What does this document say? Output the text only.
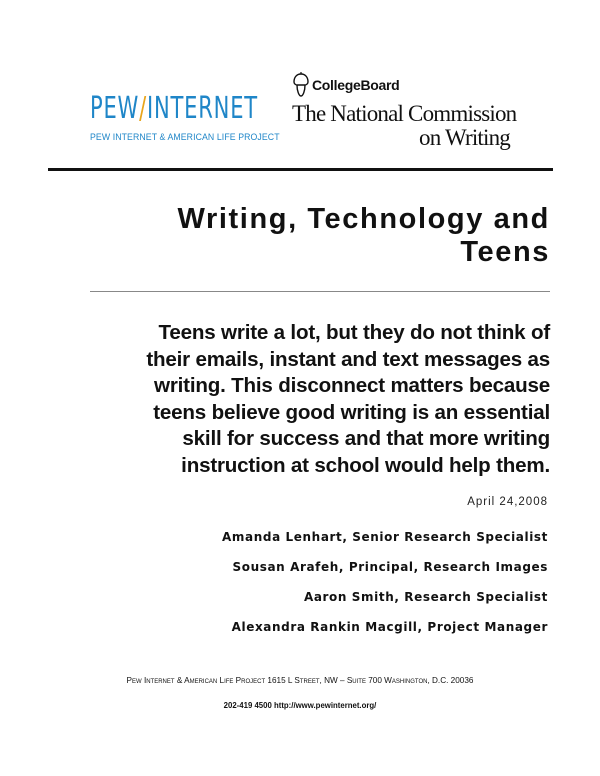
PEW/INTERNET
PEW INTERNET & AMERICAN LIFE PROJECT
CollegeBoard
The National Commission
on Writing
Writing, Technology and
Teens
Teens write a lot, but they do not think of
their emails, instant and text messages as
writing. This disconnect matters because
teens believe good writing is an essential
skill for success and that more writing
instruction at school would help them.
April 24,2008
Amanda Lenhart, Senior Research Specialist
Sousan Arafeh, Principal, Research Images
Aaron Smith, Research Specialist
Alexandra Rankin Macgill, Project Manager
Pew Internet & American Life Project 1615 L Street, NW – Suite 700 Washington, D.C. 20036
202-419 4500 http://www.pewinternet.org/
